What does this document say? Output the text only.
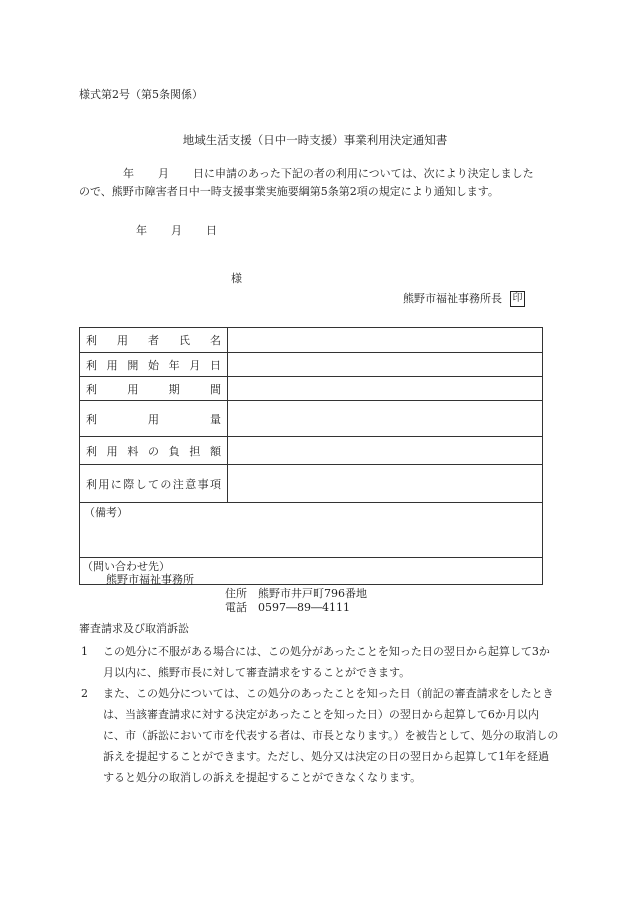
様式第2号（第5条関係）
地域生活支援（日中一時支援）事業利用決定通知書
年 月 日に申請のあった下記の者の利用については、次により決定しました
ので、熊野市障害者日中一時支援事業実施要綱第5条第2項の規定により通知します。
年 月 日
様
熊野市福祉事務所長 印
利用者氏名
利用開始年月日
利用期間
利用量
利用料の負担額
利用に際しての注意事項
（備考）
（問い合わせ先）
熊野市福祉事務所
住所　熊野市井戸町796番地
電話　0597―89―4111
審査請求及び取消訴訟
1 この処分に不服がある場合には、この処分があったことを知った日の翌日から起算して3か月以内に、熊野市長に対して審査請求をすることができます。
2 また、この処分については、この処分のあったことを知った日（前記の審査請求をしたときは、当該審査請求に対する決定があったことを知った日）の翌日から起算して6か月以内に、市（訴訟において市を代表する者は、市長となります。）を被告として、処分の取消しの訴えを提起することができます。ただし、処分又は決定の日の翌日から起算して1年を経過すると処分の取消しの訴えを提起することができなくなります。
